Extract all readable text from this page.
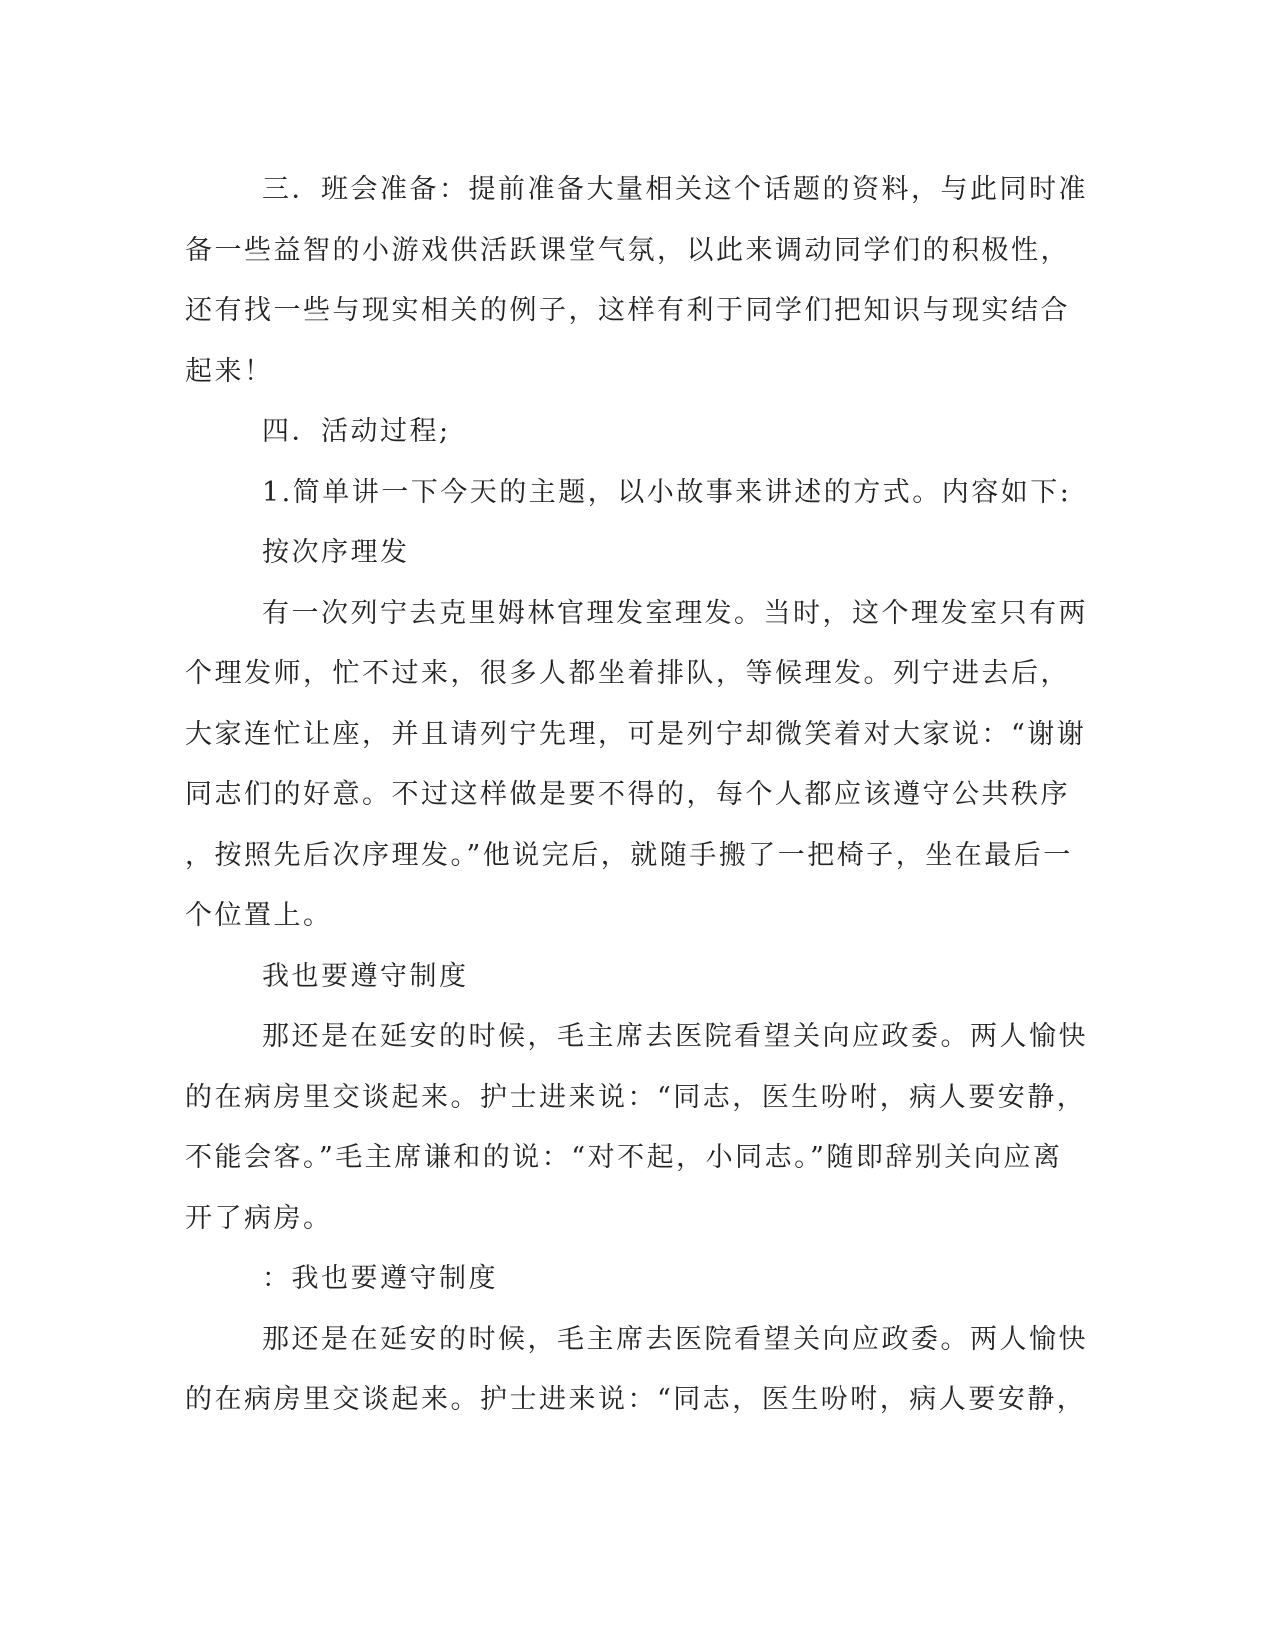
三．班会准备：提前准备大量相关这个话题的资料，与此同时准
备一些益智的小游戏供活跃课堂气氛，以此来调动同学们的积极性，
还有找一些与现实相关的例子，这样有利于同学们把知识与现实结合
起来！
四．活动过程;
1.简单讲一下今天的主题，以小故事来讲述的方式。内容如下:
按次序理发
有一次列宁去克里姆林官理发室理发。当时，这个理发室只有两
个理发师，忙不过来，很多人都坐着排队，等候理发。列宁进去后，
大家连忙让座，并且请列宁先理，可是列宁却微笑着对大家说：“谢谢
同志们的好意。不过这样做是要不得的，每个人都应该遵守公共秩序
，按照先后次序理发。”他说完后，就随手搬了一把椅子，坐在最后一
个位置上。
我也要遵守制度
那还是在延安的时候，毛主席去医院看望关向应政委。两人愉快
的在病房里交谈起来。护士进来说：“同志，医生吩咐，病人要安静，
不能会客。”毛主席谦和的说：“对不起，小同志。”随即辞别关向应离
开了病房。
：我也要遵守制度
那还是在延安的时候，毛主席去医院看望关向应政委。两人愉快
的在病房里交谈起来。护士进来说：“同志，医生吩咐，病人要安静，
